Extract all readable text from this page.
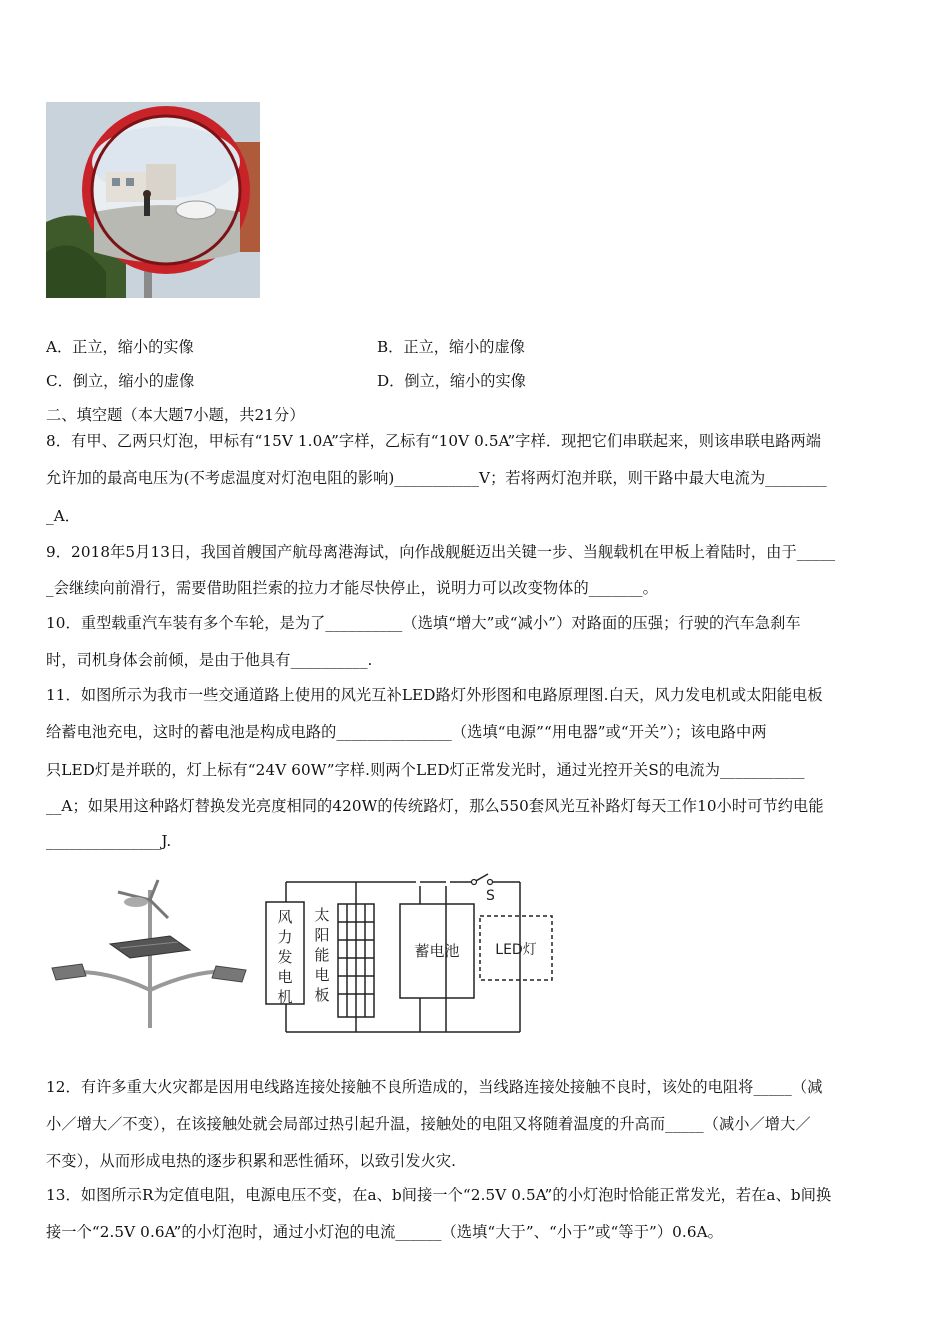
A．正立，缩小的实像	B．正立，缩小的虚像
C．倒立，缩小的虚像	D．倒立，缩小的实像
二、填空题（本大题7小题，共21分）
8．有甲、乙两只灯泡，甲标有“15V 1.0A”字样，乙标有“10V 0.5A”字样．现把它们串联起来，则该串联电路两端
允许加的最高电压为(不考虑温度对灯泡电阻的影响)___________V；若将两灯泡并联，则干路中最大电流为________
_A．
9．2018年5月13日，我国首艘国产航母离港海试，向作战舰艇迈出关键一步、当舰载机在甲板上着陆时，由于_____
_会继续向前滑行，需要借助阻拦索的拉力才能尽快停止，说明力可以改变物体的_______。
10．重型载重汽车装有多个车轮，是为了__________（选填“增大”或“减小”）对路面的压强；行驶的汽车急刹车
时，司机身体会前倾，是由于他具有__________.
11．如图所示为我市一些交通道路上使用的风光互补LED路灯外形图和电路原理图.白天，风力发电机或太阳能电板
给蓄电池充电，这时的蓄电池是构成电路的_______________（选填“电源”“用电器”或“开关”）；该电路中两
只LED灯是并联的，灯上标有“24V 60W”字样.则两个LED灯正常发光时，通过光控开关S的电流为___________
__A；如果用这种路灯替换发光亮度相同的420W的传统路灯，那么550套风光互补路灯每天工作10小时可节约电能
_______________J.
S
风
力
发
电
机
太
阳
能
电
板
蓄电池	LED灯
12．有许多重大火灾都是因用电线路连接处接触不良所造成的，当线路连接处接触不良时，该处的电阻将_____（减
小／增大／不变），在该接触处就会局部过热引起升温，接触处的电阻又将随着温度的升高而_____（减小／增大／
不变），从而形成电热的逐步积累和恶性循环，以致引发火灾.
13．如图所示R为定值电阻，电源电压不变，在a、b间接一个“2.5V 0.5A”的小灯泡时恰能正常发光，若在a、b间换
接一个“2.5V 0.6A”的小灯泡时，通过小灯泡的电流______（选填“大于”、“小于”或“等于”）0.6A。
